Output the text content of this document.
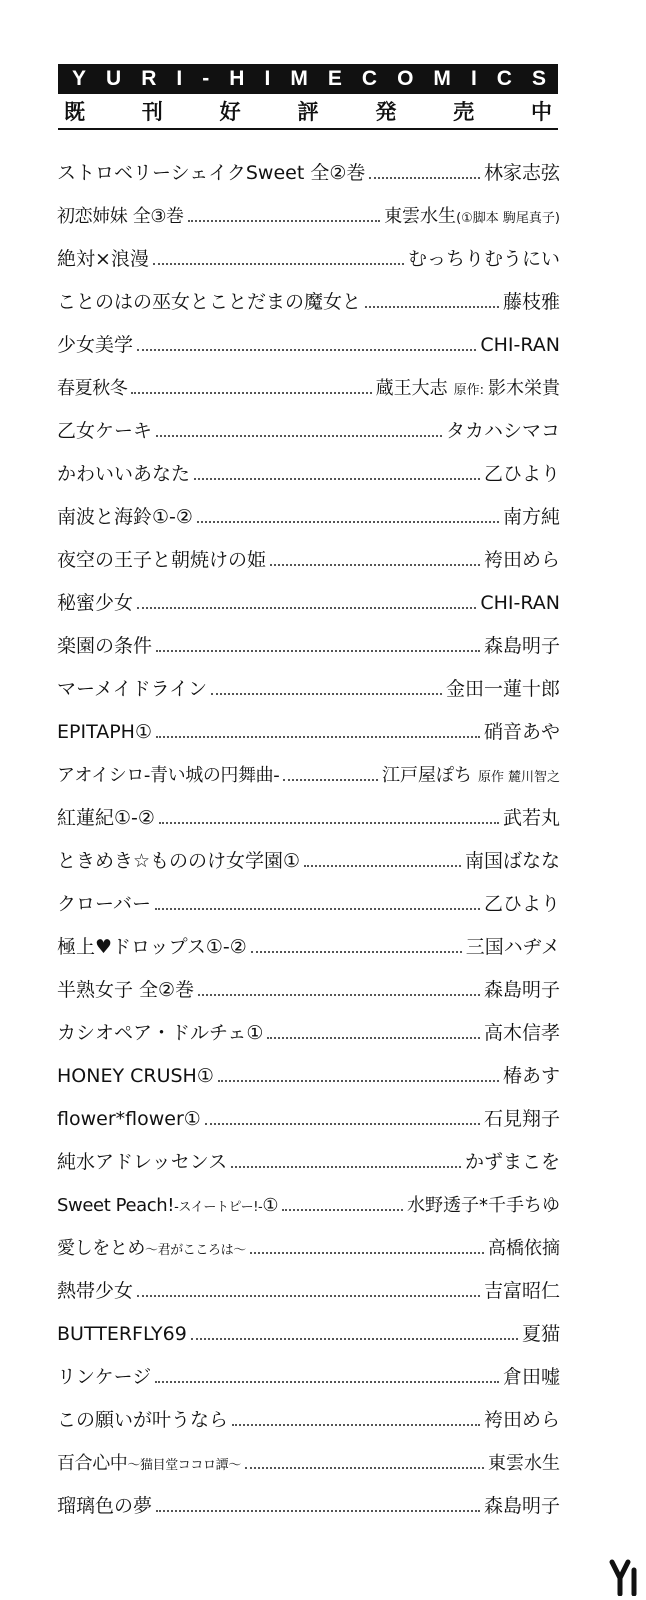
Y U R I - H I M E C O M I C S
既	刊	好	評	発	売	中
ストロベリーシェイクSweet 全②巻	林家志弦
初恋姉妹 全③巻	東雲水生(①脚本 駒尾真子)
絶対×浪漫	むっちりむうにい
ことのはの巫女とことだまの魔女と	藤枝雅
少女美学	CHI-RAN
春夏秋冬	蔵王大志 原作: 影木栄貴
乙女ケーキ	タカハシマコ
かわいいあなた	乙ひより
南波と海鈴①-②	南方純
夜空の王子と朝焼けの姫	袴田めら
秘蜜少女	CHI-RAN
楽園の条件	森島明子
マーメイドライン	金田一蓮十郎
EPITAPH①	硝音あや
アオイシロ-青い城の円舞曲-	江戸屋ぽち 原作 麓川智之
紅蓮紀①-②	武若丸
ときめき☆もののけ女学園①	南国ばなな
クローバー	乙ひより
極上♥ドロップス①-②	三国ハヂメ
半熟女子 全②巻	森島明子
カシオペア・ドルチェ①	高木信孝
HONEY CRUSH①	椿あす
flower*flower①	石見翔子
純水アドレッセンス	かずまこを
Sweet Peach!-スイートピー!-①	水野透子*千手ちゆ
愛しをとめ～君がこころは～	高橋依摘
熱帯少女	吉富昭仁
BUTTERFLY69	夏猫
リンケージ	倉田嘘
この願いが叶うなら	袴田めら
百合心中～猫目堂ココロ譚～	東雲水生
瑠璃色の夢	森島明子
